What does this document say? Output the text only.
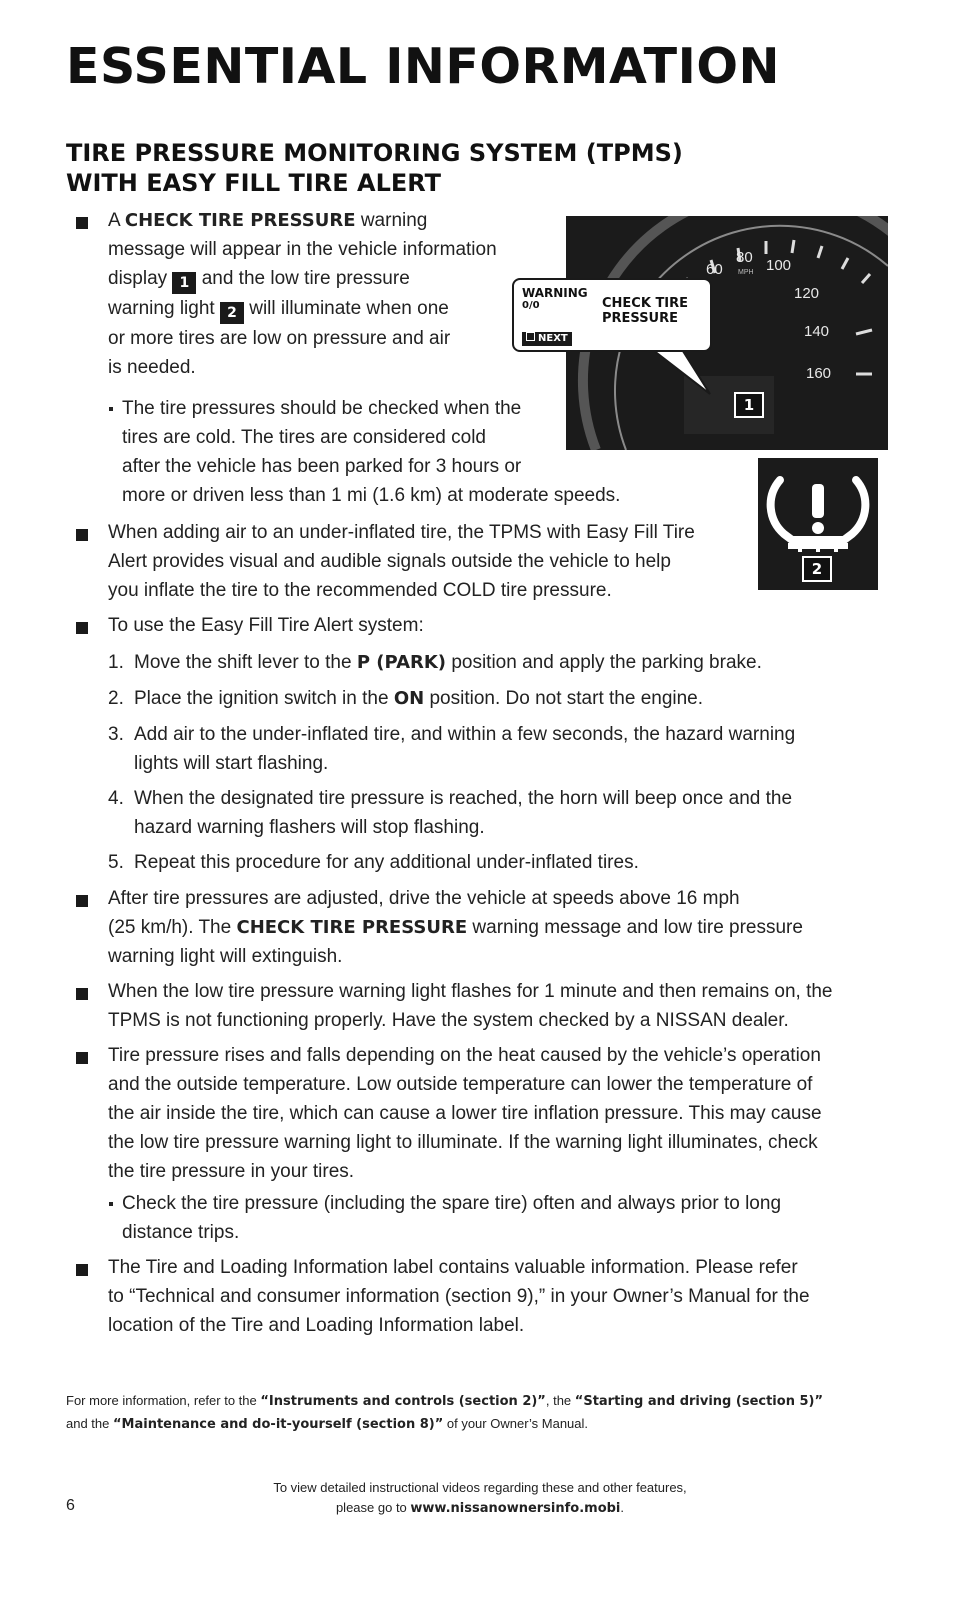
ESSENTIAL INFORMATION
TIRE PRESSURE MONITORING SYSTEM (TPMS)
WITH EASY FILL TIRE ALERT

A CHECK TIRE PRESSURE warning
message will appear in the vehicle information
display 1 and the low tire pressure
warning light 2 will illuminate when one
or more tires are low on pressure and air
is needed.

The tire pressures should be checked when the
tires are cold. The tires are considered cold
after the vehicle has been parked for 3 hours or
more or driven less than 1 mi (1.6 km) at moderate speeds.

60
80
MPH 100
120
140
160
1
WARNING
0/0	CHECK TIRE PRESSURE
NEXT
2

When adding air to an under-inflated tire, the TPMS with Easy Fill Tire
Alert provides visual and audible signals outside the vehicle to help
you inflate the tire to the recommended COLD tire pressure.

To use the Easy Fill Tire Alert system:

1. Move the shift lever to the P (PARK) position and apply the parking brake.

2. Place the ignition switch in the ON position. Do not start the engine.

3. Add air to the under-inflated tire, and within a few seconds, the hazard warning
lights will start flashing.

4. When the designated tire pressure is reached, the horn will beep once and the
hazard warning flashers will stop flashing.

5. Repeat this procedure for any additional under-inflated tires.

After tire pressures are adjusted, drive the vehicle at speeds above 16 mph
(25 km/h). The CHECK TIRE PRESSURE warning message and low tire pressure
warning light will extinguish.

When the low tire pressure warning light flashes for 1 minute and then remains on, the
TPMS is not functioning properly. Have the system checked by a NISSAN dealer.

Tire pressure rises and falls depending on the heat caused by the vehicle’s operation
and the outside temperature. Low outside temperature can lower the temperature of
the air inside the tire, which can cause a lower tire inflation pressure. This may cause
the low tire pressure warning light to illuminate. If the warning light illuminates, check
the tire pressure in your tires.

Check the tire pressure (including the spare tire) often and always prior to long
distance trips.

The Tire and Loading Information label contains valuable information. Please refer
to “Technical and consumer information (section 9),” in your Owner’s Manual for the
location of the Tire and Loading Information label.

For more information, refer to the “Instruments and controls (section 2)”, the “Starting and driving (section 5)”
and the “Maintenance and do-it-yourself (section 8)” of your Owner’s Manual.

6
To view detailed instructional videos regarding these and other features,
please go to www.nissanownersinfo.mobi.
